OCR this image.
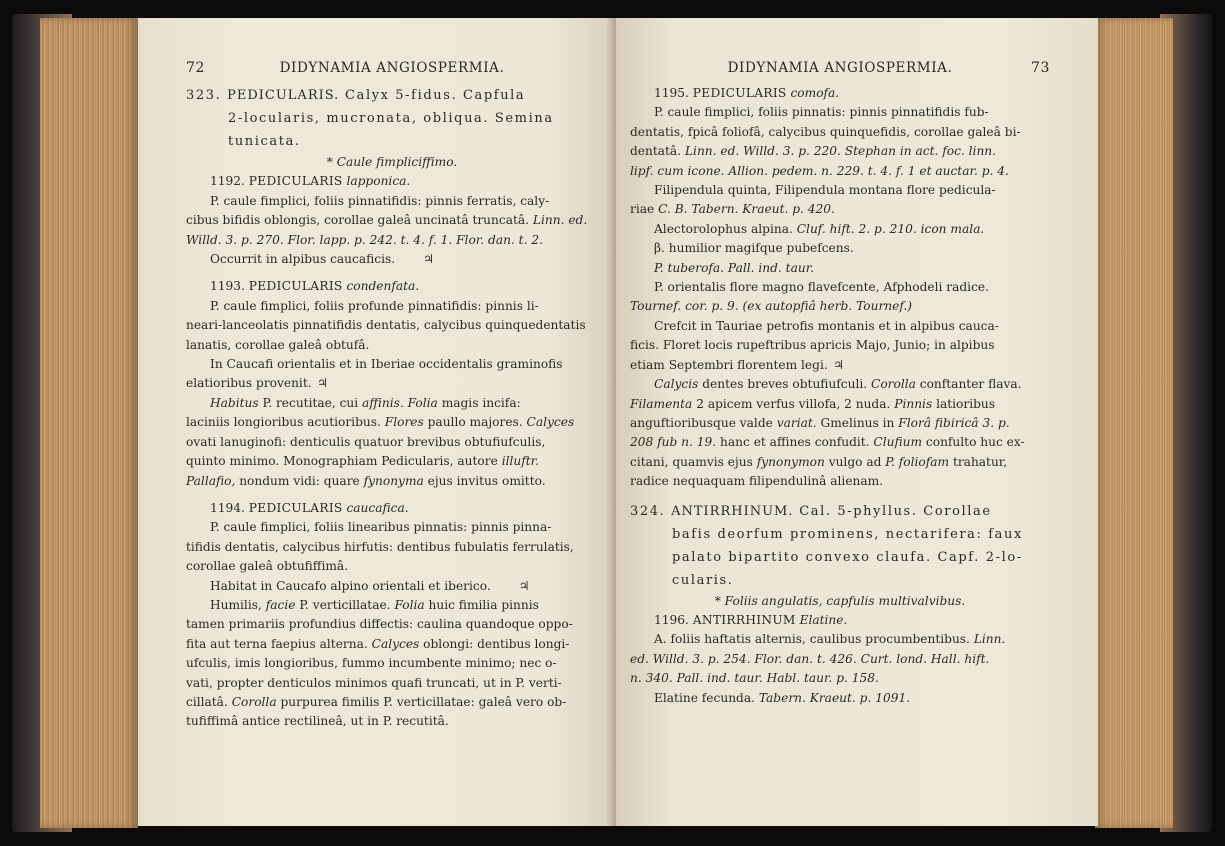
72	DIDYNAMIA ANGIOSPERMIA.

323. PEDICULARIS. Calyx 5-fidus. Capfula

2-locularis, mucronata, obliqua. Semina

tunicata.

* Caule fimpliciffimo.

1192. PEDICULARIS lapponica.

P. caule fimplici, foliis pinnatifidis: pinnis ferratis, caly-

cibus bifidis oblongis, corollae galeâ uncinatâ truncatâ. Linn. ed.

Willd. 3. p. 270. Flor. lapp. p. 242. t. 4. f. 1. Flor. dan. t. 2.

Occurrit in alpibus caucaficis. ♃

1193. PEDICULARIS condenfata.

P. caule fimplici, foliis profunde pinnatifidis: pinnis li-

neari-lanceolatis pinnatifidis dentatis, calycibus quinquedentatis

lanatis, corollae galeâ obtufâ.

In Caucafi orientalis et in Iberiae occidentalis graminofis

elatioribus provenit. ♃

Habitus P. recutitae, cui affinis. Folia magis incifa:

laciniis longioribus acutioribus. Flores paullo majores. Calyces

ovati lanuginofi: denticulis quatuor brevibus obtufiufculis,

quinto minimo. Monographiam Pedicularis, autore illuftr.

Pallafio, nondum vidi: quare fynonyma ejus invitus omitto.

1194. PEDICULARIS caucafica.

P. caule fimplici, foliis linearibus pinnatis: pinnis pinna-

tifidis dentatis, calycibus hirfutis: dentibus fubulatis ferrulatis,

corollae galeâ obtufiffimâ.

Habitat in Caucafo alpino orientali et iberico. ♃

Humilis, facie P. verticillatae. Folia huic fimilia pinnis

tamen primariis profundius diffectis: caulina quandoque oppo-

fita aut terna faepius alterna. Calyces oblongi: dentibus longi-

ufculis, imis longioribus, fummo incumbente minimo; nec o-

vati, propter denticulos minimos quafi truncati, ut in P. verti-

cillatâ. Corolla purpurea fimilis P. verticillatae: galeâ vero ob-

tufiffimâ antice rectilineâ, ut in P. recutitâ.

DIDYNAMIA ANGIOSPERMIA.	73

1195. PEDICULARIS comofa.

P. caule fimplici, foliis pinnatis: pinnis pinnatifidis fub-

dentatis, fpicâ foliofâ, calycibus quinquefidis, corollae galeâ bi-

dentatâ. Linn. ed. Willd. 3. p. 220. Stephan in act. foc. linn.

lipf. cum icone. Allion. pedem. n. 229. t. 4. f. 1 et auctar. p. 4.

Filipendula quinta, Filipendula montana flore pedicula-

riae C. B. Tabern. Kraeut. p. 420.

Alectorolophus alpina. Cluf. hift. 2. p. 210. icon mala.

β. humilior magifque pubefcens.

P. tuberofa. Pall. ind. taur.

P. orientalis flore magno flavefcente, Afphodeli radice.

Tournef. cor. p. 9. (ex autopfiâ herb. Tournef.)

Crefcit in Tauriae petrofis montanis et in alpibus cauca-

ficis. Floret locis rupeftribus apricis Majo, Junio; in alpibus

etiam Septembri florentem legi. ♃

Calycis dentes breves obtufiufculi. Corolla conftanter flava.

Filamenta 2 apicem verfus villofa, 2 nuda. Pinnis latioribus

anguftioribusque valde variat. Gmelinus in Florâ fibiricâ 3. p.

208 fub n. 19. hanc et affines confudit. Clufium confulto huc ex-

citani, quamvis ejus fynonymon vulgo ad P. foliofam trahatur,

radice nequaquam filipendulinâ alienam.

324. ANTIRRHINUM. Cal. 5-phyllus. Corollae

bafis deorfum prominens, nectarifera: faux

palato bipartito convexo claufa. Capf. 2-lo-

cularis.

* Foliis angulatis, capfulis multivalvibus.

1196. ANTIRRHINUM Elatine.

A. foliis haftatis alternis, caulibus procumbentibus. Linn.

ed. Willd. 3. p. 254. Flor. dan. t. 426. Curt. lond. Hall. hift.

n. 340. Pall. ind. taur. Habl. taur. p. 158.

Elatine fecunda. Tabern. Kraeut. p. 1091.
